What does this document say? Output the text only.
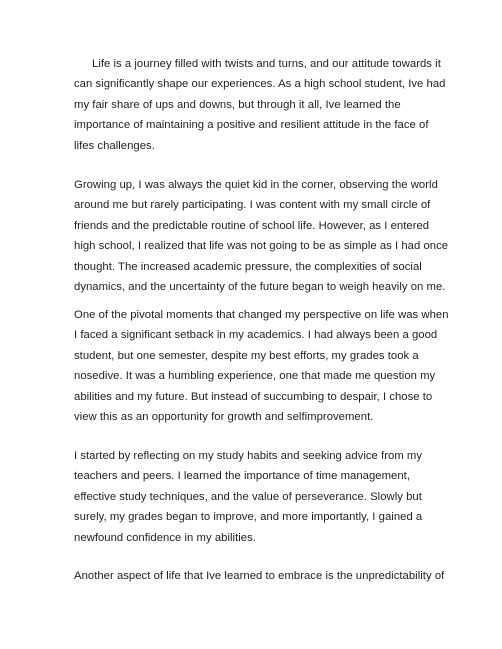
Life is a journey filled with twists and turns, and our attitude towards it
can significantly shape our experiences. As a high school student, Ive had
my fair share of ups and downs, but through it all, Ive learned the
importance of maintaining a positive and resilient attitude in the face of
lifes challenges.

Growing up, I was always the quiet kid in the corner, observing the world
around me but rarely participating. I was content with my small circle of
friends and the predictable routine of school life. However, as I entered
high school, I realized that life was not going to be as simple as I had once
thought. The increased academic pressure, the complexities of social
dynamics, and the uncertainty of the future began to weigh heavily on me.

One of the pivotal moments that changed my perspective on life was when
I faced a significant setback in my academics. I had always been a good
student, but one semester, despite my best efforts, my grades took a
nosedive. It was a humbling experience, one that made me question my
abilities and my future. But instead of succumbing to despair, I chose to
view this as an opportunity for growth and selfimprovement.

I started by reflecting on my study habits and seeking advice from my
teachers and peers. I learned the importance of time management,
effective study techniques, and the value of perseverance. Slowly but
surely, my grades began to improve, and more importantly, I gained a
newfound confidence in my abilities.

Another aspect of life that Ive learned to embrace is the unpredictability of
